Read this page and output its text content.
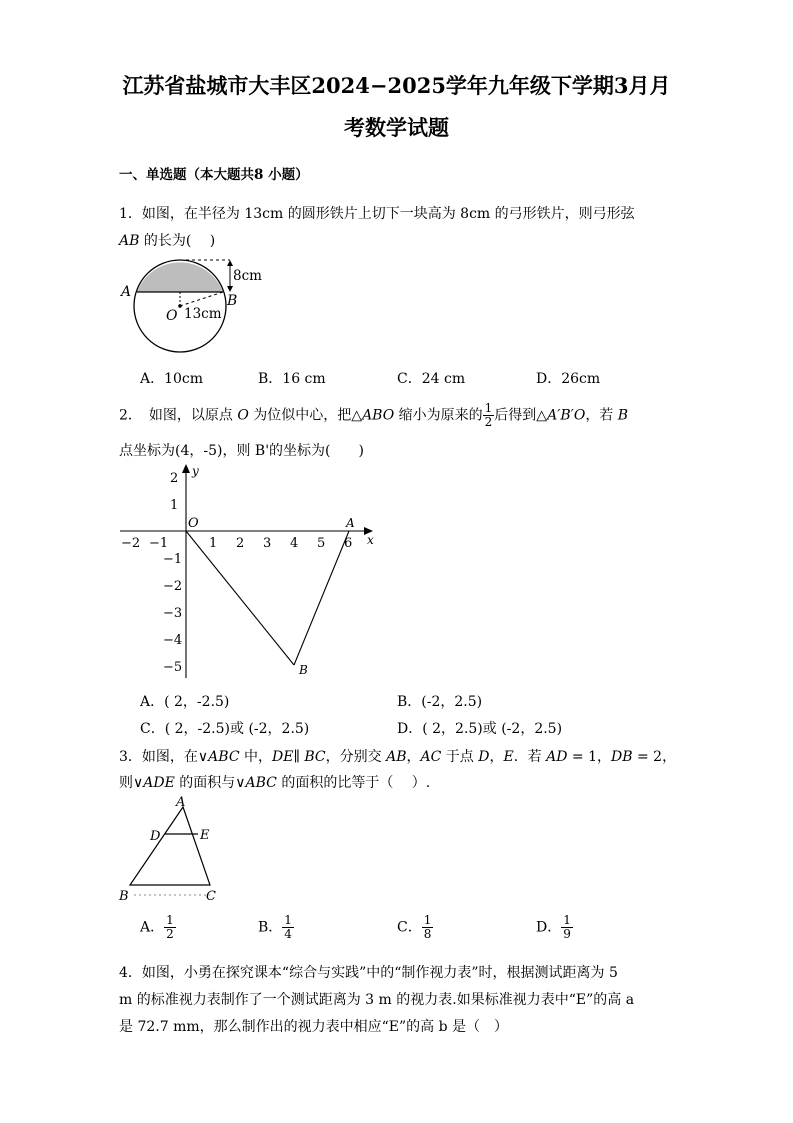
江苏省盐城市大丰区2024−2025学年九年级下学期3月月
考数学试题
一、单选题（本大题共8 小题）
1．如图，在半径为 13cm 的圆形铁片上切下一块高为 8cm 的弓形铁片，则弓形弦
AB 的长为(　 )
A
B
O
8cm
13cm
A．10cm	B．16 cm	C．24 cm	D．26cm
2．　如图，以原点 O 为位似中心，把△ABO 缩小为原来的 $\frac{1}{2}$ 后得到△A′B′O，若 B
点坐标为(4，-5)，则 B'的坐标为(　　)
−2 −1	1 2 3 4 5 6
2
1
−1
−2
−3
−4
−5
O
x
y
A
B
A．( 2，-2.5)	B．(-2，2.5)
C．( 2，-2.5)或 (-2，2.5)	D．( 2，2.5)或 (-2，2.5)
3．如图，在∨ABC 中，DE∥ BC，分别交 AB，AC 于点 D，E．若 AD = 1，DB = 2，
则∨ADE 的面积与∨ABC 的面积的比等于（　 ）.
A
D	E
B	C
A． $\frac{1}{2}$	B． $\frac{1}{4}$	C． $\frac{1}{8}$	D． $\frac{1}{9}$
4．如图，小勇在探究课本“综合与实践”中的“制作视力表”时，根据测试距离为 5
m 的标准视力表制作了一个测试距离为 3 m 的视力表.如果标准视力表中“E”的高 a
是 72.7 mm，那么制作出的视力表中相应“E”的高 b 是（　）
